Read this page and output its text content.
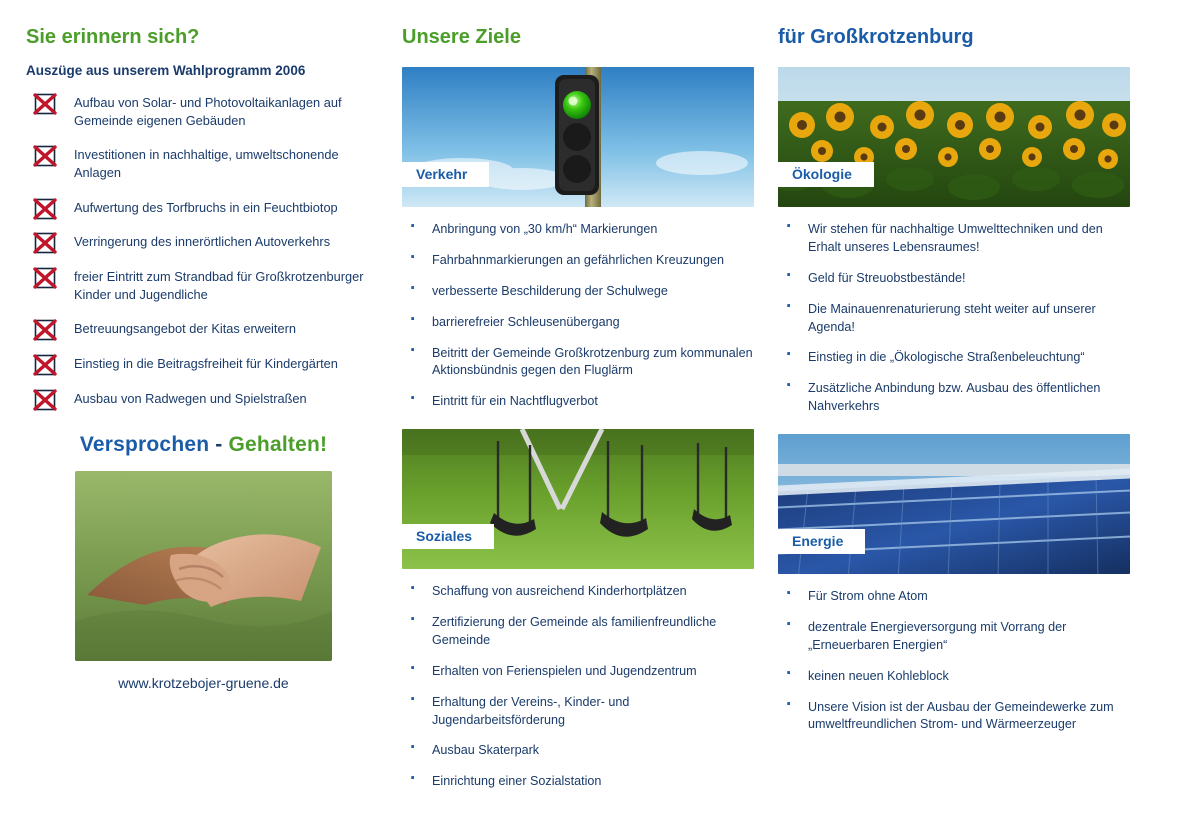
Sie erinnern sich?
Auszüge aus unserem Wahlprogramm 2006
Aufbau von Solar- und Photovoltaikanlagen auf Gemeinde eigenen Gebäuden
Investitionen in nachhaltige, umweltschonende Anlagen
Aufwertung des Torfbruchs in ein Feuchtbiotop
Verringerung des innerörtlichen Autoverkehrs
freier Eintritt zum Strandbad für Großkrotzenburger Kinder und Jugendliche
Betreuungsangebot der Kitas erweitern
Einstieg in die Beitragsfreiheit für Kindergärten
Ausbau von Radwegen und Spielstraßen
Versprochen - Gehalten!
www.krotzebojer-gruene.de
Unsere Ziele
Verkehr
· Anbringung von „30 km/h“ Markierungen
· Fahrbahnmarkierungen an gefährlichen Kreuzungen
· verbesserte Beschilderung der Schulwege
· barrierefreier Schleusenübergang
· Beitritt der Gemeinde Großkrotzenburg zum kommunalen Aktionsbündnis gegen den Fluglärm
· Eintritt für ein Nachtflugverbot
Soziales
· Schaffung von ausreichend Kinderhortplätzen
· Zertifizierung der Gemeinde als familienfreundliche Gemeinde
· Erhalten von Ferienspielen und Jugendzentrum
· Erhaltung der Vereins-, Kinder- und Jugendarbeitsförderung
· Ausbau Skaterpark
· Einrichtung einer Sozialstation
für Großkrotzenburg
Ökologie
· Wir stehen für nachhaltige Umwelttechniken und den Erhalt unseres Lebensraumes!
· Geld für Streuobstbestände!
· Die Mainauenrenaturierung steht weiter auf unserer Agenda!
· Einstieg in die „Ökologische Straßenbeleuchtung“
· Zusätzliche Anbindung bzw. Ausbau des öffentlichen Nahverkehrs
Energie
· Für Strom ohne Atom
· dezentrale Energieversorgung mit Vorrang der „Erneuerbaren Energien“
· keinen neuen Kohleblock
· Unsere Vision ist der Ausbau der Gemeindewerke zum umweltfreundlichen Strom- und Wärmeerzeuger
